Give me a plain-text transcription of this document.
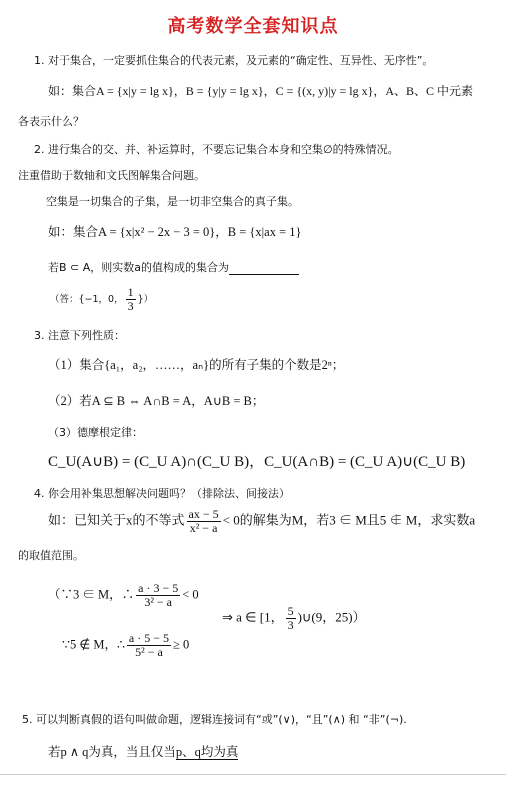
高考数学全套知识点
1. 对于集合，一定要抓住集合的代表元素，及元素的“确定性、互异性、无序性”。
如：集合A = {x|y = lg x}，B = {y|y = lg x}，C = {(x, y)|y = lg x}，A、B、C 中元素
各表示什么？
2. 进行集合的交、并、补运算时，不要忘记集合本身和空集∅的特殊情况。
注重借助于数轴和文氏图解集合问题。
空集是一切集合的子集，是一切非空集合的真子集。
如：集合A = {x|x² − 2x − 3 = 0}，B = {x|ax = 1}
若B ⊂ A，则实数a的值构成的集合为
（答：{−1，0， $\frac{1}{3}$ }）
3. 注意下列性质：
（1）集合{a₁，a₂，……，aₙ}的所有子集的个数是2ⁿ；
（2）若A ⊆ B ⇔ A∩B = A，A∪B = B；
（3）德摩根定律：
C_U(A∪B) = (C_U A)∩(C_U B)，C_U(A∩B) = (C_U A)∪(C_U B)
4. 你会用补集思想解决问题吗？（排除法、间接法）
如：已知关于x的不等式 $\frac{ax - 5}{\text{x² − a}} < 0$的解集为M，若3 ∈ M且5 ∉ M，求实数a
的取值范围。
（∵3 ∈ M，∴ $\frac{a \cdot 3 - 5}{\text{3² − a}} < 0$
∵5 ∉ M，∴ $\frac{a \cdot 5 - 5}{\text{5² − a}} \ge 0$
⇒ a ∈ [1， $\frac{5}{3}$ )∪(9，25)）
5. 可以判断真假的语句叫做命题，逻辑连接词有“或”(∨)，“且”(∧) 和 “非”(¬).
若p ∧ q为真，当且仅当p、q均为真
